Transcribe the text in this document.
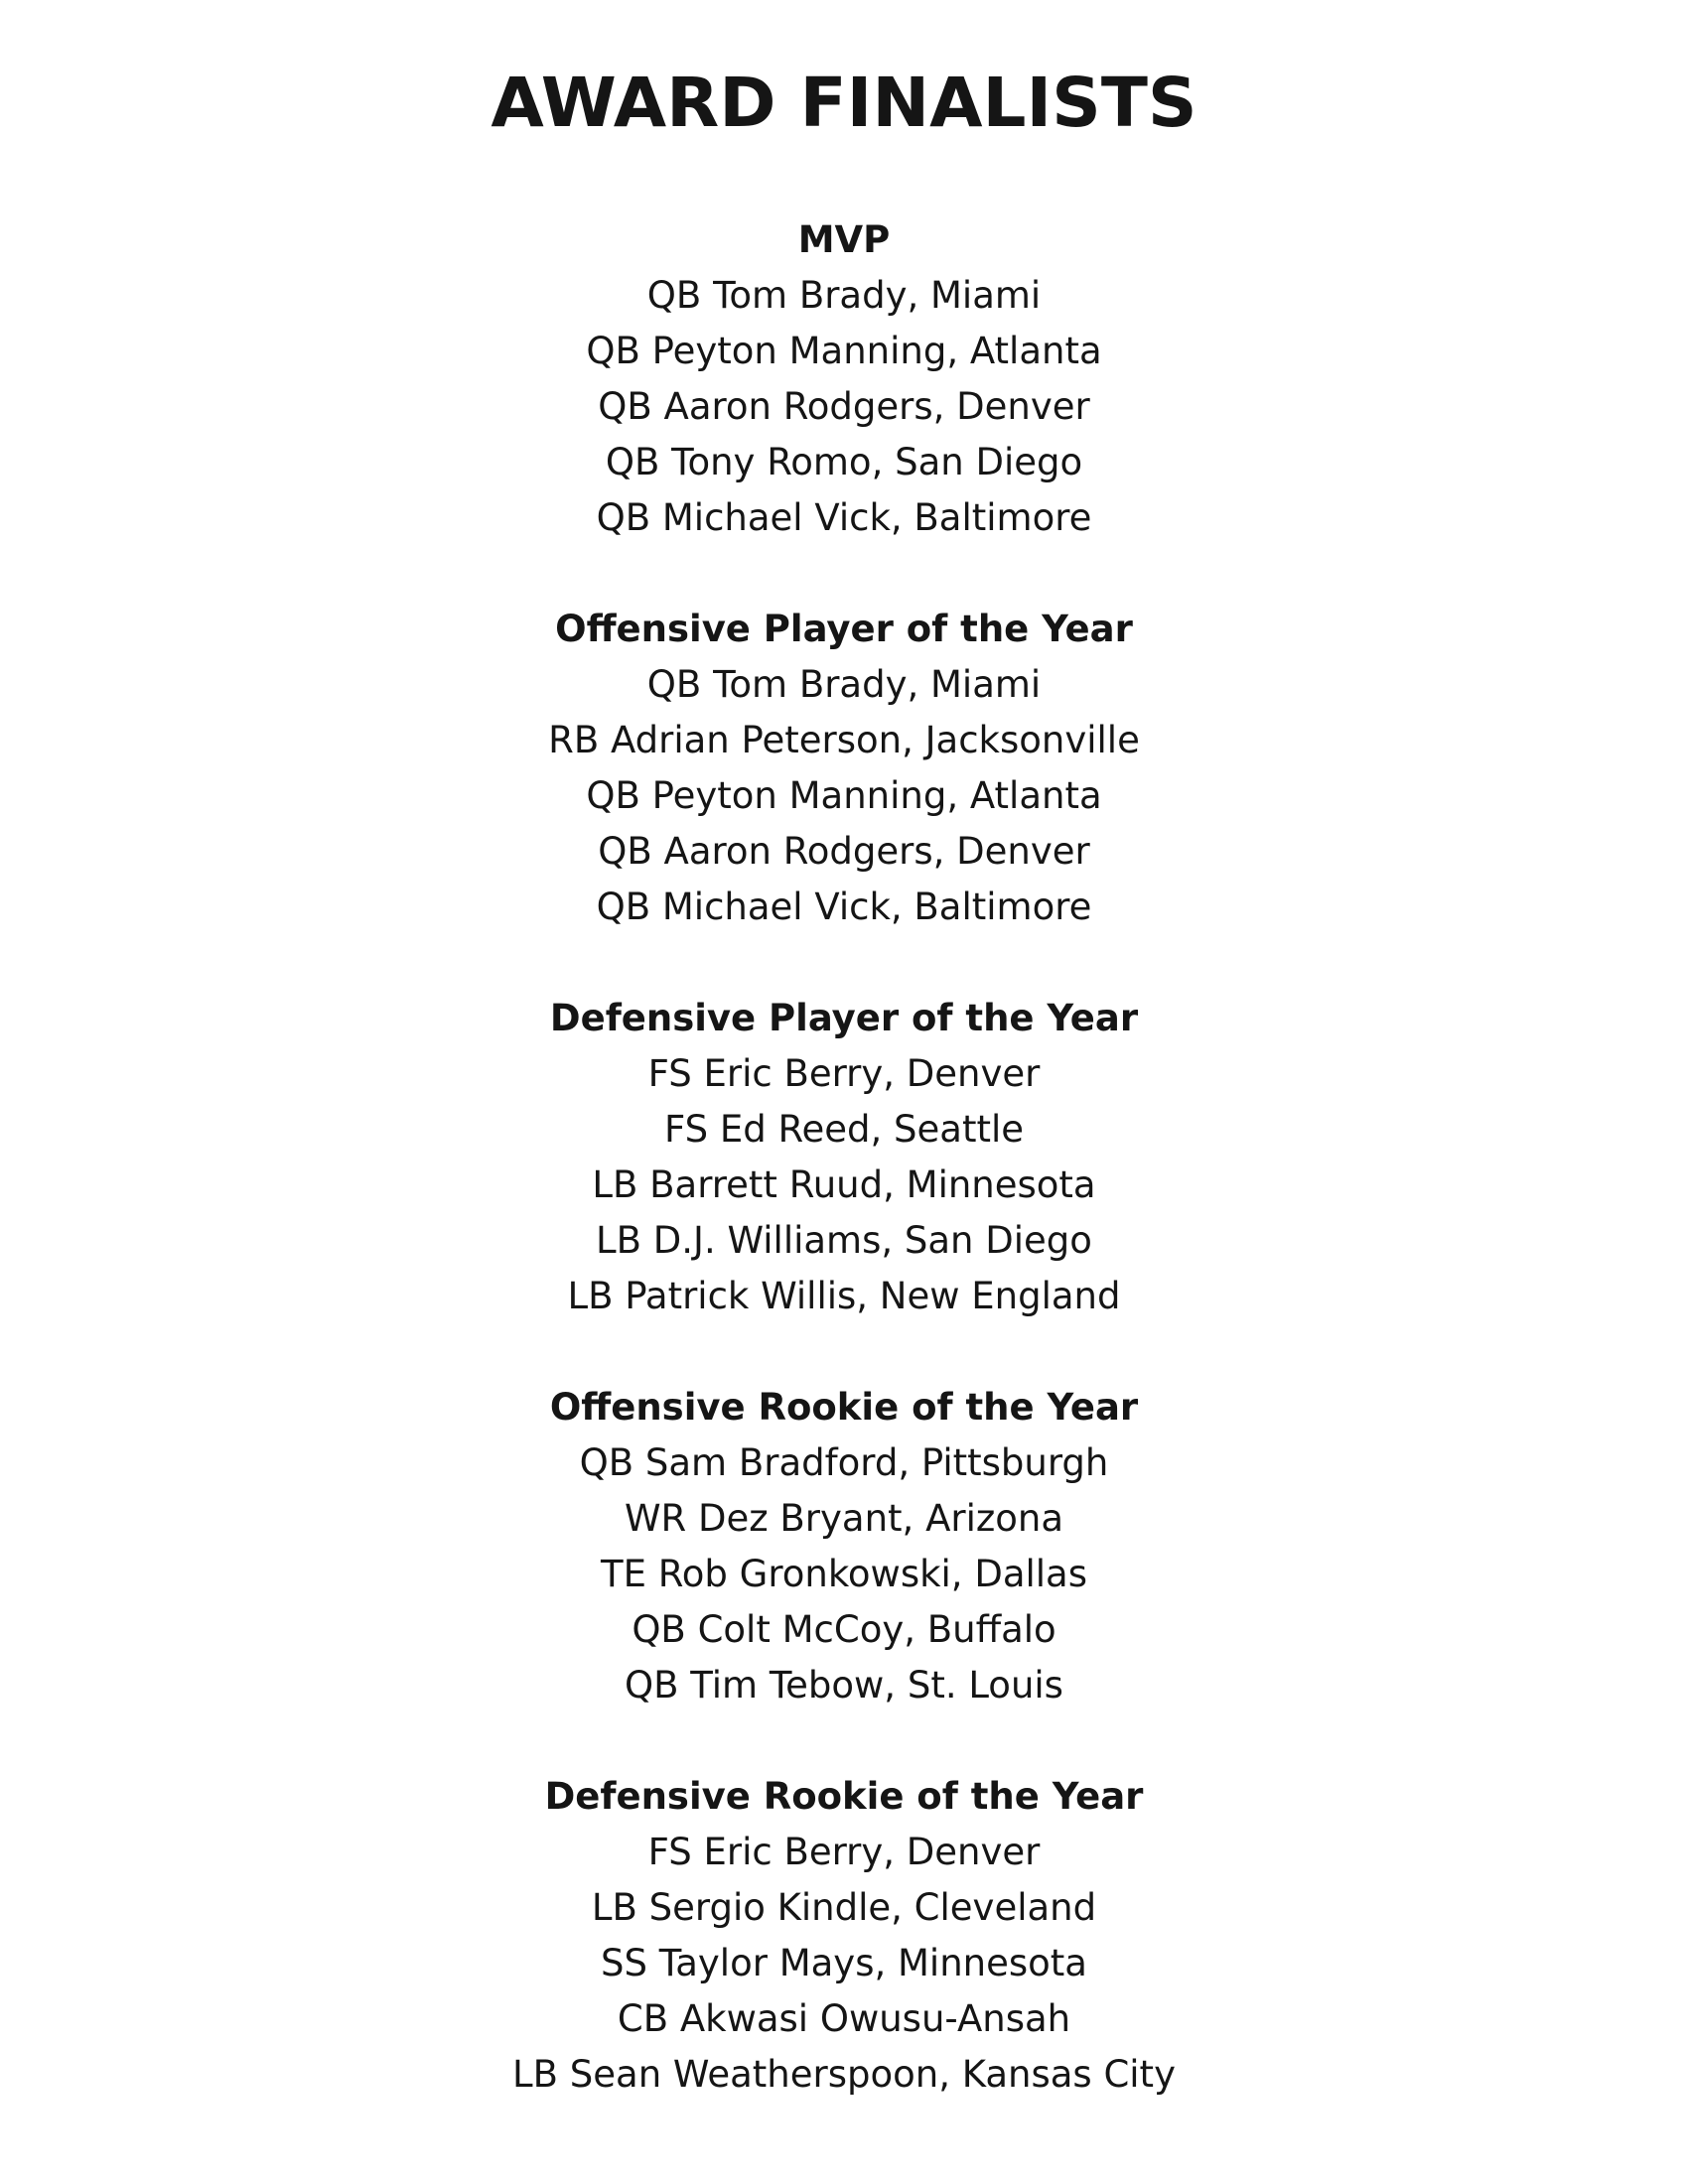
AWARD FINALISTS
MVP
QB Tom Brady, Miami
QB Peyton Manning, Atlanta
QB Aaron Rodgers, Denver
QB Tony Romo, San Diego
QB Michael Vick, Baltimore
Offensive Player of the Year
QB Tom Brady, Miami
RB Adrian Peterson, Jacksonville
QB Peyton Manning, Atlanta
QB Aaron Rodgers, Denver
QB Michael Vick, Baltimore
Defensive Player of the Year
FS Eric Berry, Denver
FS Ed Reed, Seattle
LB Barrett Ruud, Minnesota
LB D.J. Williams, San Diego
LB Patrick Willis, New England
Offensive Rookie of the Year
QB Sam Bradford, Pittsburgh
WR Dez Bryant, Arizona
TE Rob Gronkowski, Dallas
QB Colt McCoy, Buffalo
QB Tim Tebow, St. Louis
Defensive Rookie of the Year
FS Eric Berry, Denver
LB Sergio Kindle, Cleveland
SS Taylor Mays, Minnesota
CB Akwasi Owusu-Ansah
LB Sean Weatherspoon, Kansas City
